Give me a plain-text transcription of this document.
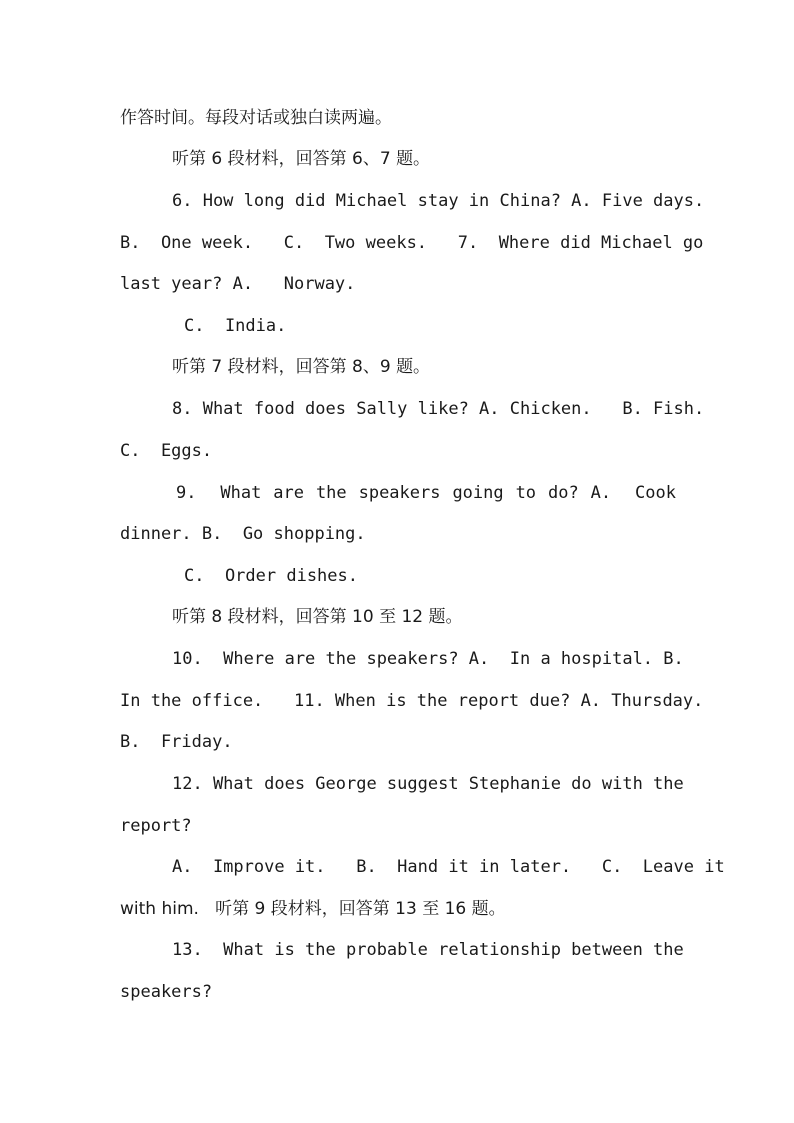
作答时间。每段对话或独白读两遍。
听第 6 段材料，回答第 6、7 题。
6. How long did Michael stay in China? A. Five days.
B.  One week.   C.  Two weeks.   7.  Where did Michael go
last year? A.   Norway.
C.  India.
听第 7 段材料，回答第 8、9 题。
8. What food does Sally like? A. Chicken.   B. Fish.
C.  Eggs.
9.  What are the speakers going to do? A.  Cook
dinner. B.  Go shopping.
C.  Order dishes.
听第 8 段材料，回答第 10 至 12 题。
10.  Where are the speakers? A.  In a hospital. B.
In the office.   11. When is the report due? A. Thursday.
B.  Friday.
12. What does George suggest Stephanie do with the
report?
A.  Improve it.   B.  Hand it in later.   C.  Leave it
with him.   听第 9 段材料，回答第 13 至 16 题。
13.  What is the probable relationship between the
speakers?
